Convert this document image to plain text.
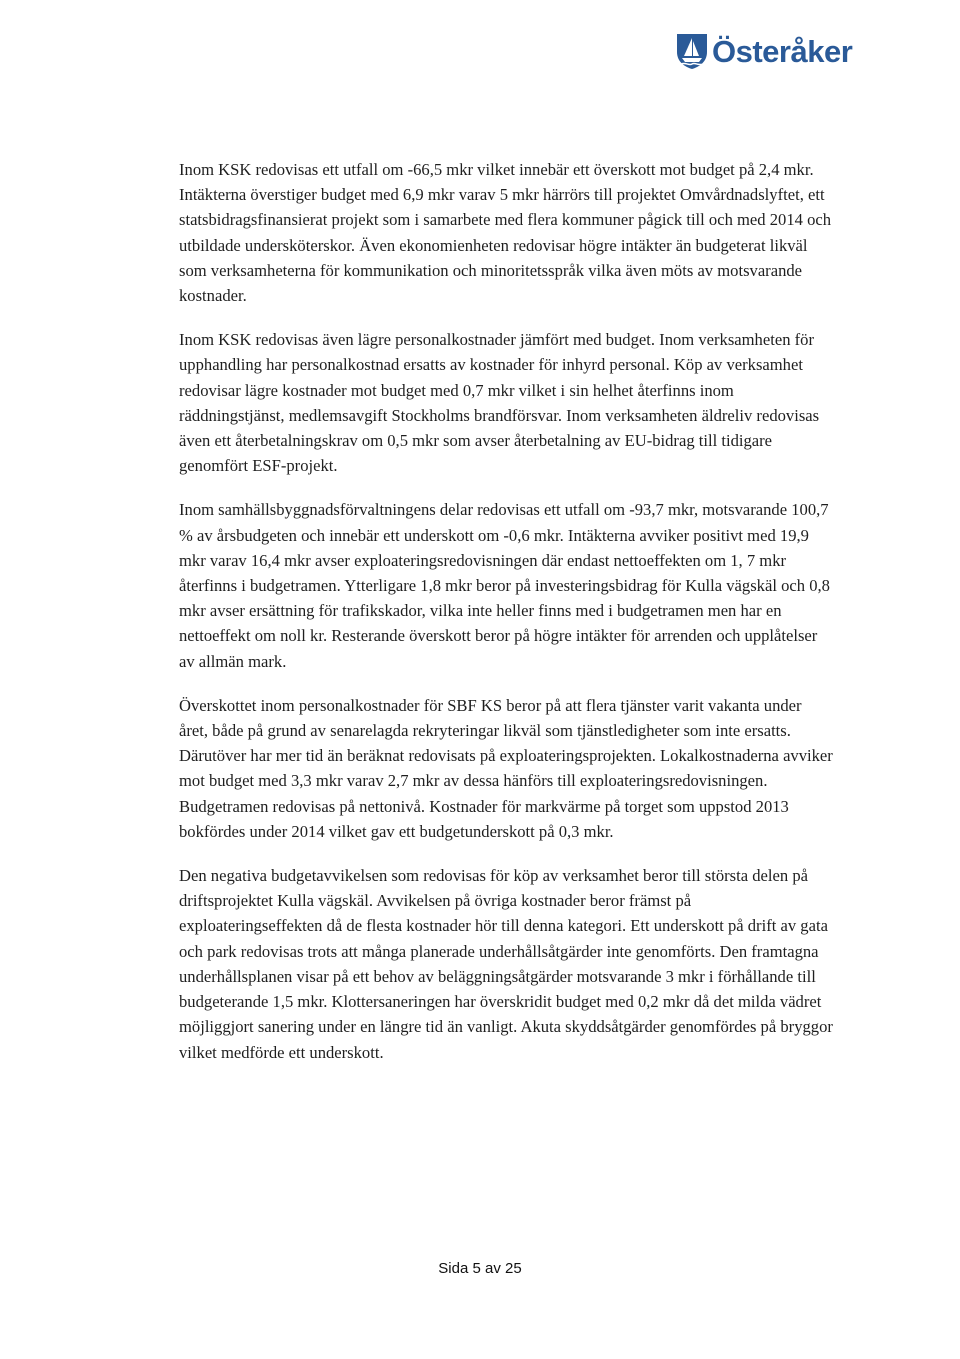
Österåker

Inom KSK redovisas ett utfall om -66,5 mkr vilket innebär ett överskott mot budget på 2,4 mkr. Intäkterna överstiger budget med 6,9 mkr varav 5 mkr härrörs till projektet Omvårdnadslyftet, ett statsbidragsfinansierat projekt som i samarbete med flera kommuner pågick till och med 2014 och utbildade undersköterskor. Även ekonomienheten redovisar högre intäkter än budgeterat likväl som verksamheterna för kommunikation och minoritetsspråk vilka även möts av motsvarande kostnader.

Inom KSK redovisas även lägre personalkostnader jämfört med budget. Inom verksamheten för upphandling har personalkostnad ersatts av kostnader för inhyrd personal. Köp av verksamhet redovisar lägre kostnader mot budget med 0,7 mkr vilket i sin helhet återfinns inom räddningstjänst, medlemsavgift Stockholms brandförsvar. Inom verksamheten äldreliv redovisas även ett återbetalningskrav om 0,5 mkr som avser återbetalning av EU-bidrag till tidigare genomfört ESF-projekt.

Inom samhällsbyggnadsförvaltningens delar redovisas ett utfall om -93,7 mkr, motsvarande 100,7 % av årsbudgeten och innebär ett underskott om -0,6 mkr. Intäkterna avviker positivt med 19,9 mkr varav 16,4 mkr avser exploateringsredovisningen där endast nettoeffekten om 1, 7 mkr återfinns i budgetramen. Ytterligare 1,8 mkr beror på investeringsbidrag för Kulla vägskäl och 0,8 mkr avser ersättning för trafikskador, vilka inte heller finns med i budgetramen men har en nettoeffekt om noll kr. Resterande överskott beror på högre intäkter för arrenden och upplåtelser av allmän mark.

Överskottet inom personalkostnader för SBF KS beror på att flera tjänster varit vakanta under året, både på grund av senarelagda rekryteringar likväl som tjänstledigheter som inte ersatts. Därutöver har mer tid än beräknat redovisats på exploateringsprojekten. Lokalkostnaderna avviker mot budget med 3,3 mkr varav 2,7 mkr av dessa hänförs till exploateringsredovisningen. Budgetramen redovisas på nettonivå. Kostnader för markvärme på torget som uppstod 2013 bokfördes under 2014 vilket gav ett budgetunderskott på 0,3 mkr.

Den negativa budgetavvikelsen som redovisas för köp av verksamhet beror till största delen på driftsprojektet Kulla vägskäl. Avvikelsen på övriga kostnader beror främst på exploateringseffekten då de flesta kostnader hör till denna kategori. Ett underskott på drift av gata och park redovisas trots att många planerade underhållsåtgärder inte genomförts. Den framtagna underhållsplanen visar på ett behov av beläggningsåtgärder motsvarande 3 mkr i förhållande till budgeterande 1,5 mkr. Klottersaneringen har överskridit budget med 0,2 mkr då det milda vädret möjliggjort sanering under en längre tid än vanligt. Akuta skyddsåtgärder genomfördes på bryggor vilket medförde ett underskott.

Sida 5 av 25
